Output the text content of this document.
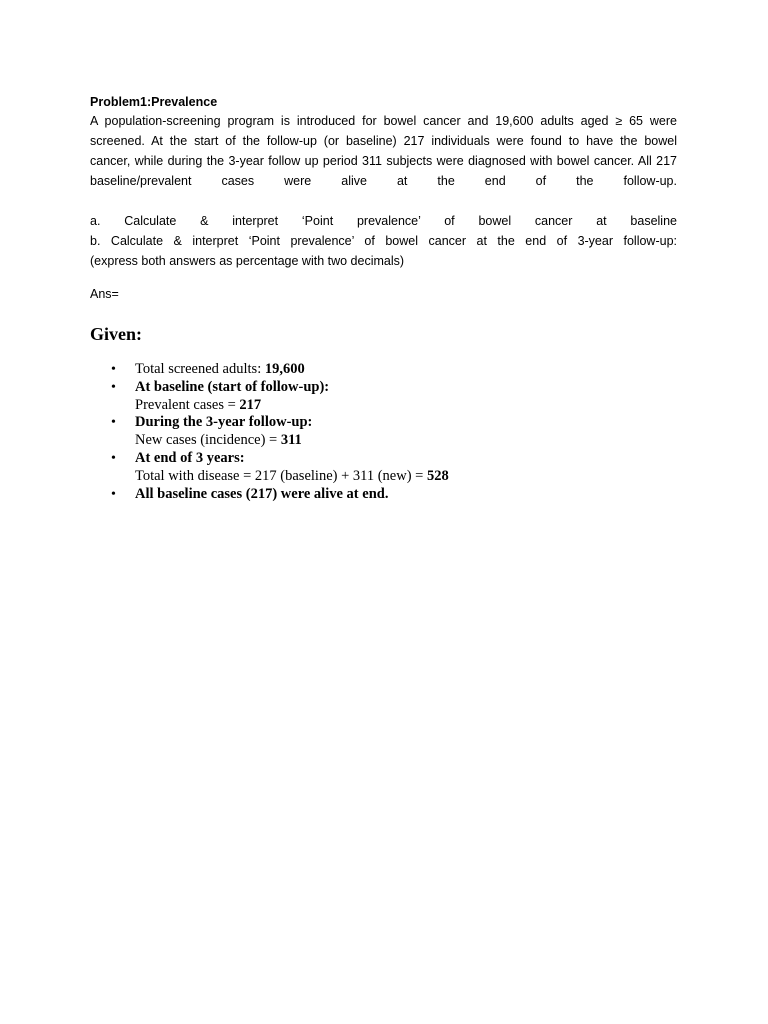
Problem1:Prevalence
A population-screening program is introduced for bowel cancer and 19,600 adults aged ≥ 65 were
screened. At the start of the follow-up (or baseline) 217 individuals were found to have the bowel
cancer, while during the 3-year follow up period 311 subjects were diagnosed with bowel cancer. All 217
baseline/prevalent cases were alive at the end of the follow-up.
a. Calculate & interpret ‘Point prevalence’ of bowel cancer at baseline
b. Calculate & interpret ‘Point prevalence’ of bowel cancer at the end of 3-year follow-up:
(express both answers as percentage with two decimals)
Ans=
Given:
• Total screened adults: 19,600
• At baseline (start of follow-up):
Prevalent cases = 217
• During the 3-year follow-up:
New cases (incidence) = 311
• At end of 3 years:
Total with disease = 217 (baseline) + 311 (new) = 528
• All baseline cases (217) were alive at end.
